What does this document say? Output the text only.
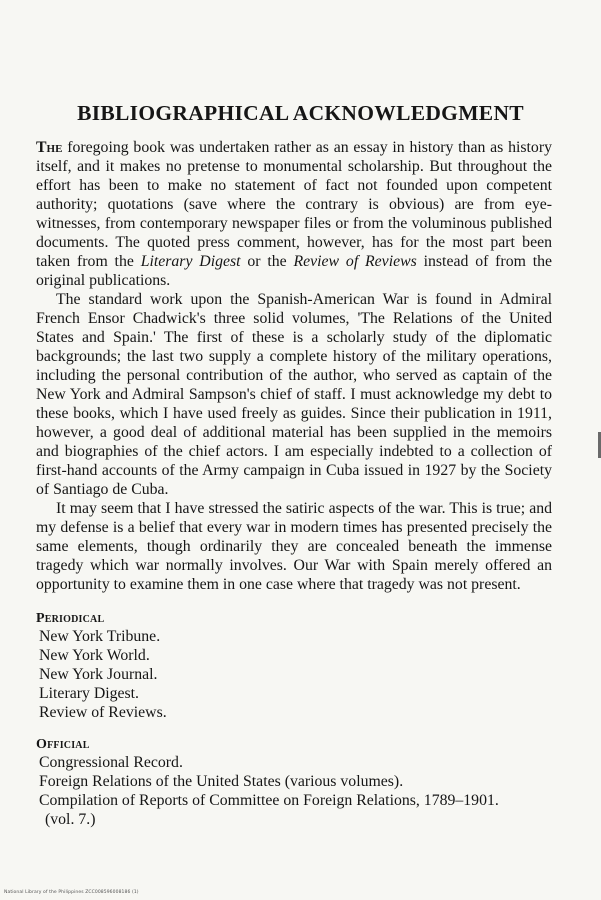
BIBLIOGRAPHICAL ACKNOWLEDGMENT

The foregoing book was undertaken rather as an essay in history than as history itself, and it makes no pretense to monumental scholarship. But throughout the effort has been to make no statement of fact not founded upon competent authority; quotations (save where the contrary is obvious) are from eye-witnesses, from contemporary newspaper files or from the voluminous published documents. The quoted press comment, however, has for the most part been taken from the Literary Digest or the Review of Reviews instead of from the original publications.

The standard work upon the Spanish-American War is found in Admiral French Ensor Chadwick's three solid volumes, 'The Relations of the United States and Spain.' The first of these is a scholarly study of the diplomatic backgrounds; the last two supply a complete history of the military operations, including the personal contribution of the author, who served as captain of the New York and Admiral Sampson's chief of staff. I must acknowledge my debt to these books, which I have used freely as guides. Since their publication in 1911, however, a good deal of additional material has been supplied in the memoirs and biographies of the chief actors. I am especially indebted to a collection of first-hand accounts of the Army campaign in Cuba issued in 1927 by the Society of Santiago de Cuba.

It may seem that I have stressed the satiric aspects of the war. This is true; and my defense is a belief that every war in modern times has presented precisely the same elements, though ordinarily they are concealed beneath the immense tragedy which war normally involves. Our War with Spain merely offered an opportunity to examine them in one case where that tragedy was not present.

Periodical
New York Tribune.
New York World.
New York Journal.
Literary Digest.
Review of Reviews.
Official
Congressional Record.
Foreign Relations of the United States (various volumes).
Compilation of Reports of Committee on Foreign Relations, 1789–1901.
(vol. 7.)
National Library of the Philippines ZCC008596008186 (1)
